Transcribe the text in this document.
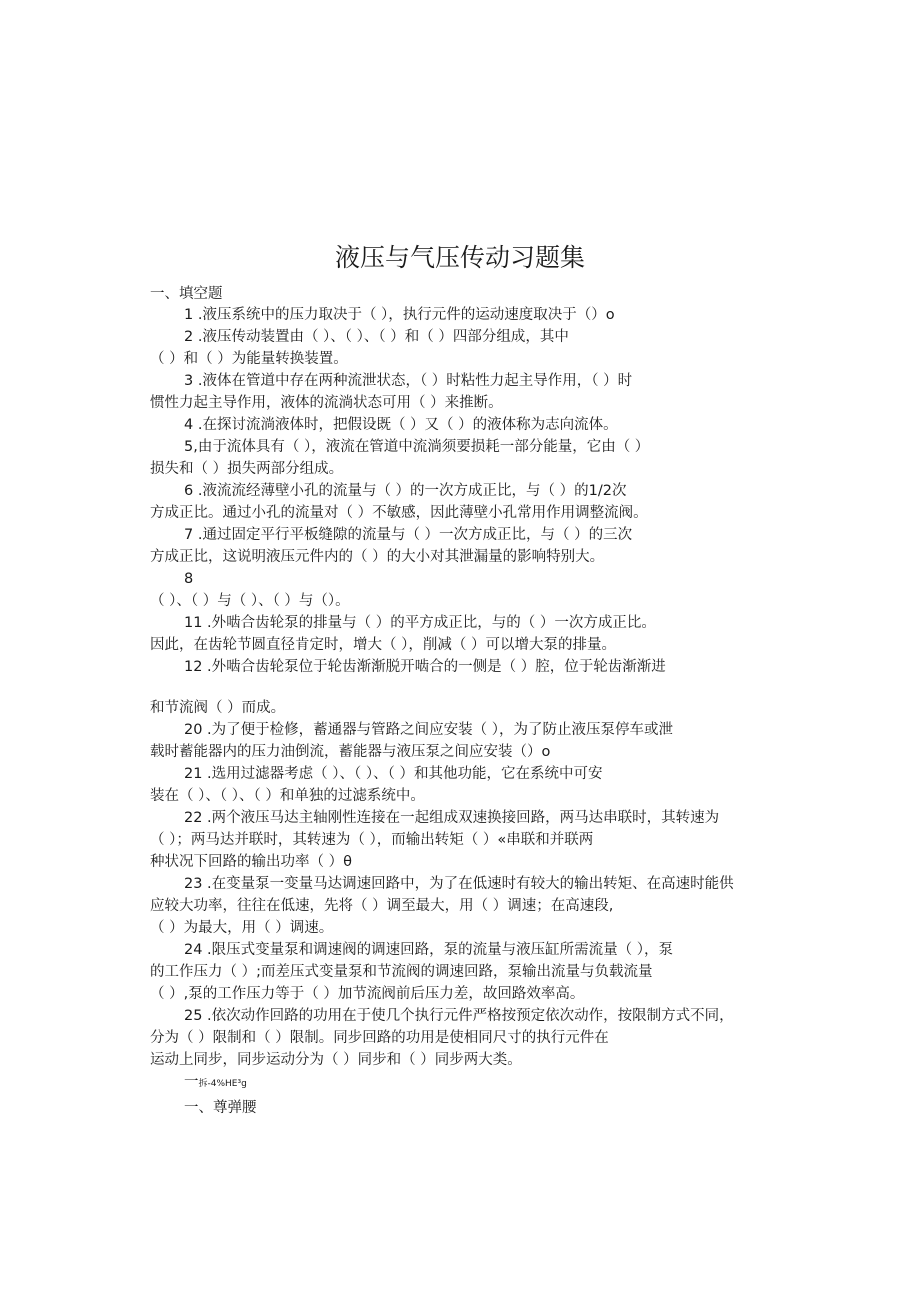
液压与气压传动习题集
一、填空题
1 .液压系统中的压力取决于（ ），执行元件的运动速度取决于（）o
2 .液压传动装置由（ ）、（ ）、（ ）和（ ）四部分组成，其中
（ ）和（ ）为能量转换装置。
3 .液体在管道中存在两种流泄状态，（ ）时粘性力起主导作用，（ ）时
惯性力起主导作用，液体的流淌状态可用（ ）来推断。
4 .在探讨流淌液体时，把假设既（ ）又（ ）的液体称为志向流体。
5,由于流体具有（ ），液流在管道中流淌须要损耗一部分能量，它由（ ）
损失和（ ）损失两部分组成。
6 .液流流经薄壁小孔的流量与（ ）的一次方成正比，与（ ）的1/2次
方成正比。通过小孔的流量对（ ）不敏感，因此薄壁小孔常用作用调整流阀。
7 .通过固定平行平板缝隙的流量与（ ）一次方成正比，与（ ）的三次
方成正比，这说明液压元件内的（ ）的大小对其泄漏量的影响特别大。
8
（ ）、（ ）与（ ）、（ ）与（）。
11 .外啮合齿轮泵的排量与（ ）的平方成正比，与的（ ）一次方成正比。
因此，在齿轮节圆直径肯定时，增大（ ），削减（ ）可以增大泵的排量。
12 .外啮合齿轮泵位于轮齿渐渐脱开啮合的一侧是（ ）腔，位于轮齿渐渐进
和节流阀（ ）而成。
20 .为了便于检修，蓄通器与管路之间应安装（ ），为了防止液压泵停车或泄
载时蓄能器内的压力油倒流，蓄能器与液压泵之间应安装（）o
21 .选用过滤器考虑（ ）、（ ）、（ ）和其他功能，它在系统中可安
装在（ ）、（ ）、（ ）和单独的过滤系统中。
22 .两个液压马达主轴刚性连接在一起组成双速换接回路，两马达串联时，其转速为
（ ）；两马达并联时，其转速为（ ），而输出转矩（ ）«串联和并联两
种状况下回路的输出功率（ ）θ
23 .在变量泵一变量马达调速回路中，为了在低速时有较大的输出转矩、在高速时能供
应较大功率，往往在低速，先将（ ）调至最大，用（ ）调速；在高速段,
（ ）为最大，用（ ）调速。
24 .限压式变量泵和调速阀的调速回路，泵的流量与液压缸所需流量（ ），泵
的工作压力（ ）;而差压式变量泵和节流阀的调速回路，泵输出流量与负载流量
（ ）,泵的工作压力等于（ ）加节流阀前后压力差，故回路效率高。
25 .依次动作回路的功用在于使几个执行元件严格按预定依次动作，按限制方式不同，
分为（ ）限制和（ ）限制。同步回路的功用是使相同尺寸的执行元件在
运动上同步，同步运动分为（ ）同步和（ ）同步两大类。
一拆-4%HE³g
一、尊弹腰
